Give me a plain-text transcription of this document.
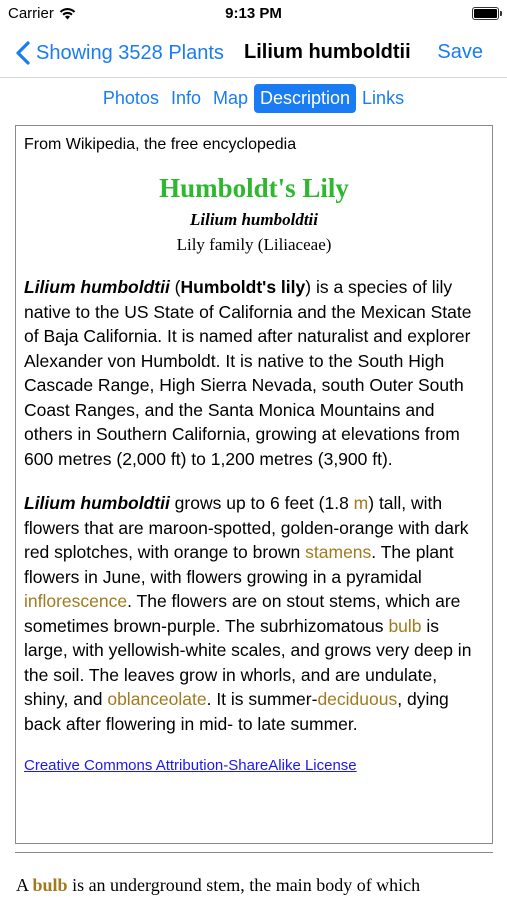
Carrier	9:13 PM
Showing 3528 Plants Lilium humboldtii Save
Photos Info Map Description Links
From Wikipedia, the free encyclopedia
Humboldt's Lily
Lilium humboldtii
Lily family (Liliaceae)

Lilium humboldtii (Humboldt's lily) is a species of lily native to the US State of California and the Mexican State of Baja California. It is named after naturalist and explorer Alexander von Humboldt. It is native to the South High Cascade Range, High Sierra Nevada, south Outer South Coast Ranges, and the Santa Monica Mountains and others in Southern California, growing at elevations from 600 metres (2,000 ft) to 1,200 metres (3,900 ft).

Lilium humboldtii grows up to 6 feet (1.8 m) tall, with flowers that are maroon-spotted, golden-orange with dark red splotches, with orange to brown stamens. The plant flowers in June, with flowers growing in a pyramidal inflorescence. The flowers are on stout stems, which are sometimes brown-purple. The subrhizomatous bulb is large, with yellowish-white scales, and grows very deep in the soil. The leaves grow in whorls, and are undulate, shiny, and oblanceolate. It is summer-deciduous, dying back after flowering in mid- to late summer.

Creative Commons Attribution-ShareAlike License
A bulb is an underground stem, the main body of which
